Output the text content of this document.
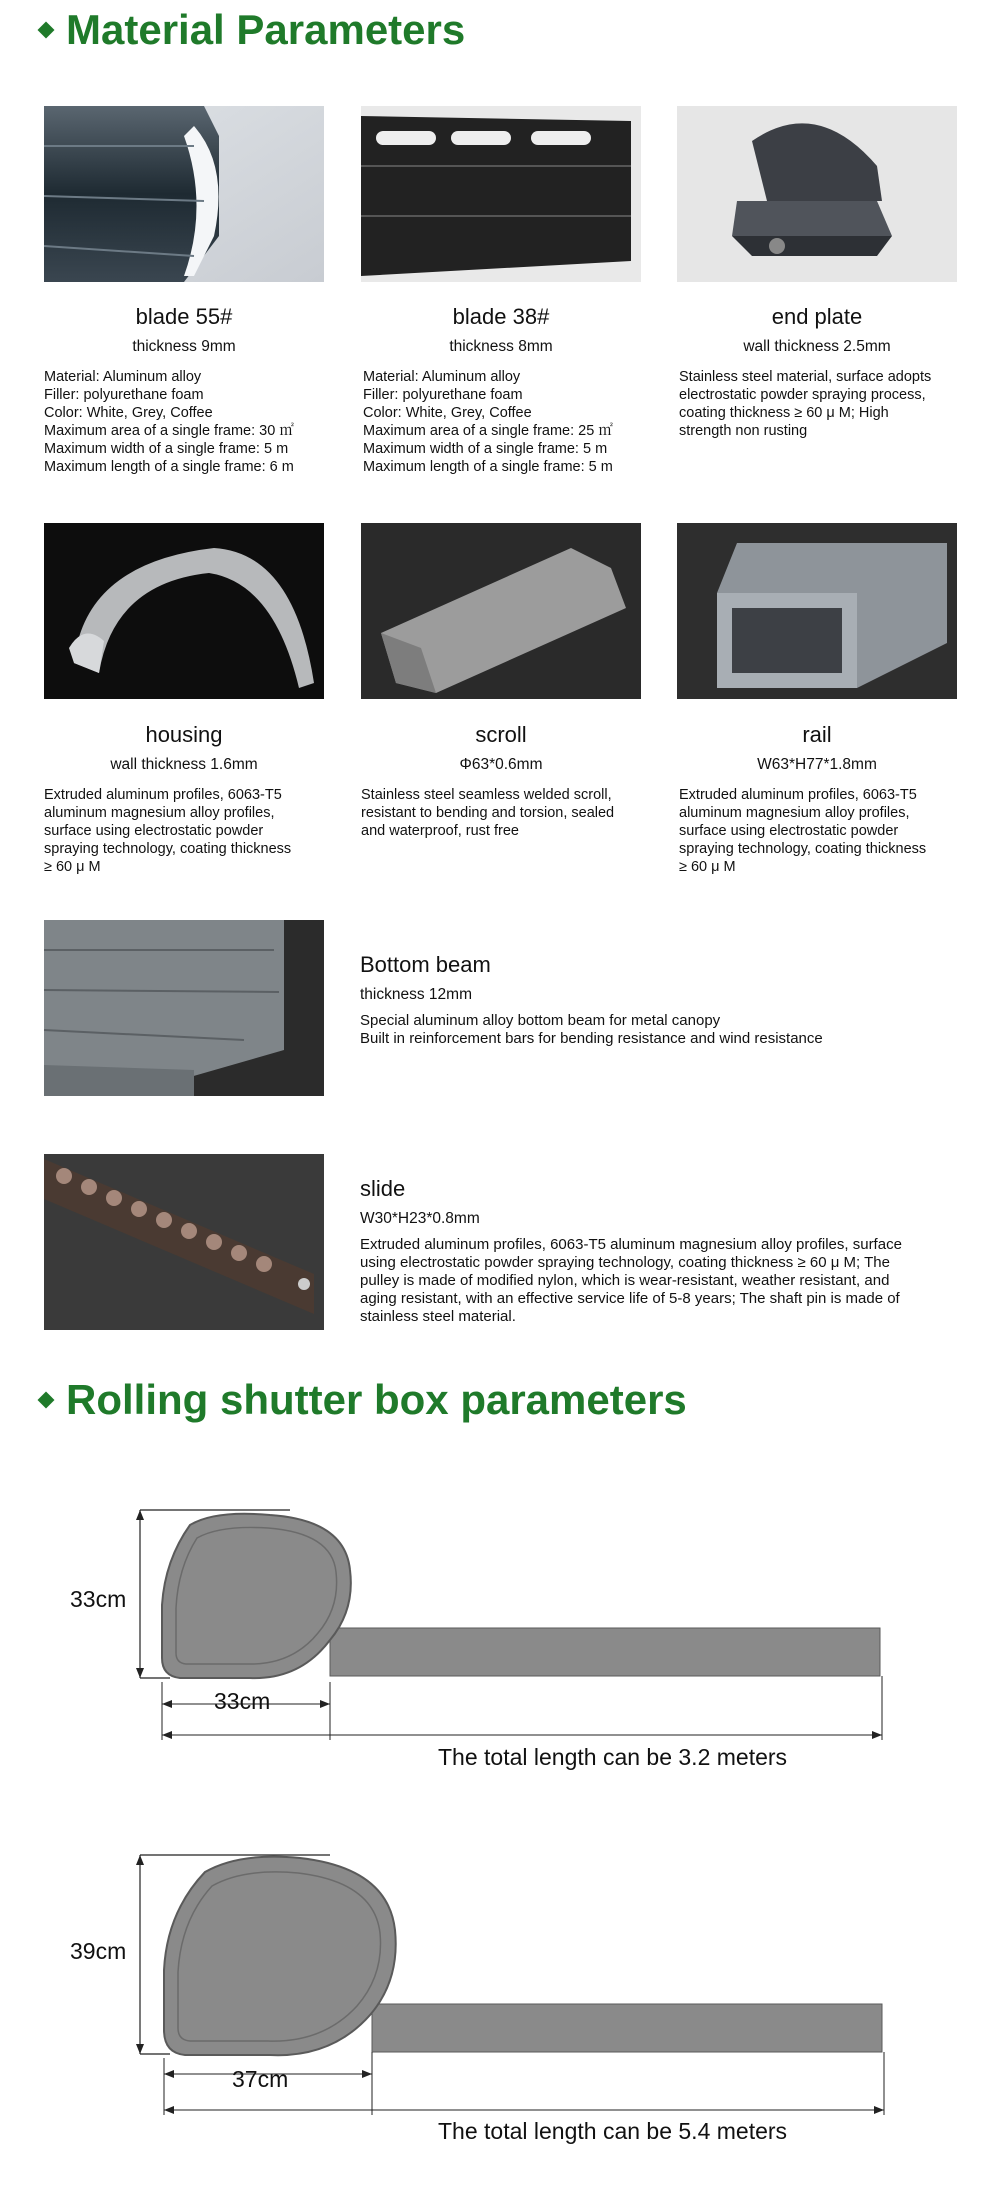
Material Parameters
blade 55#
thickness 9mm
Material: Aluminum alloy
Filler: polyurethane foam
Color: White, Grey, Coffee
Maximum area of a single frame: 30 ㎡
Maximum width of a single frame: 5 m
Maximum length of a single frame: 6 m
blade 38#
thickness 8mm
Material: Aluminum alloy
Filler: polyurethane foam
Color: White, Grey, Coffee
Maximum area of a single frame: 25 ㎡
Maximum width of a single frame: 5 m
Maximum length of a single frame: 5 m
end plate
wall thickness 2.5mm
Stainless steel material, surface adopts
electrostatic powder spraying process,
coating thickness ≥ 60 μ M; High
strength non rusting
housing
wall thickness 1.6mm
Extruded aluminum profiles, 6063-T5
aluminum magnesium alloy profiles,
surface using electrostatic powder
spraying technology, coating thickness
≥ 60 μ M
scroll
Φ63*0.6mm
Stainless steel seamless welded scroll,
resistant to bending and torsion, sealed
and waterproof, rust free
rail
W63*H77*1.8mm
Extruded aluminum profiles, 6063-T5
aluminum magnesium alloy profiles,
surface using electrostatic powder
spraying technology, coating thickness
≥ 60 μ M
Bottom beam
thickness 12mm
Special aluminum alloy bottom beam for metal canopy
Built in reinforcement bars for bending resistance and wind resistance
slide
W30*H23*0.8mm
Extruded aluminum profiles, 6063-T5 aluminum magnesium alloy profiles, surface
using electrostatic powder spraying technology, coating thickness ≥ 60 μ M; The
pulley is made of modified nylon, which is wear-resistant, weather resistant, and
aging resistant, with an effective service life of 5-8 years; The shaft pin is made of
stainless steel material.
Rolling shutter box parameters
33cm
33cm
The total length can be 3.2 meters
39cm
37cm
The total length can be 5.4 meters
